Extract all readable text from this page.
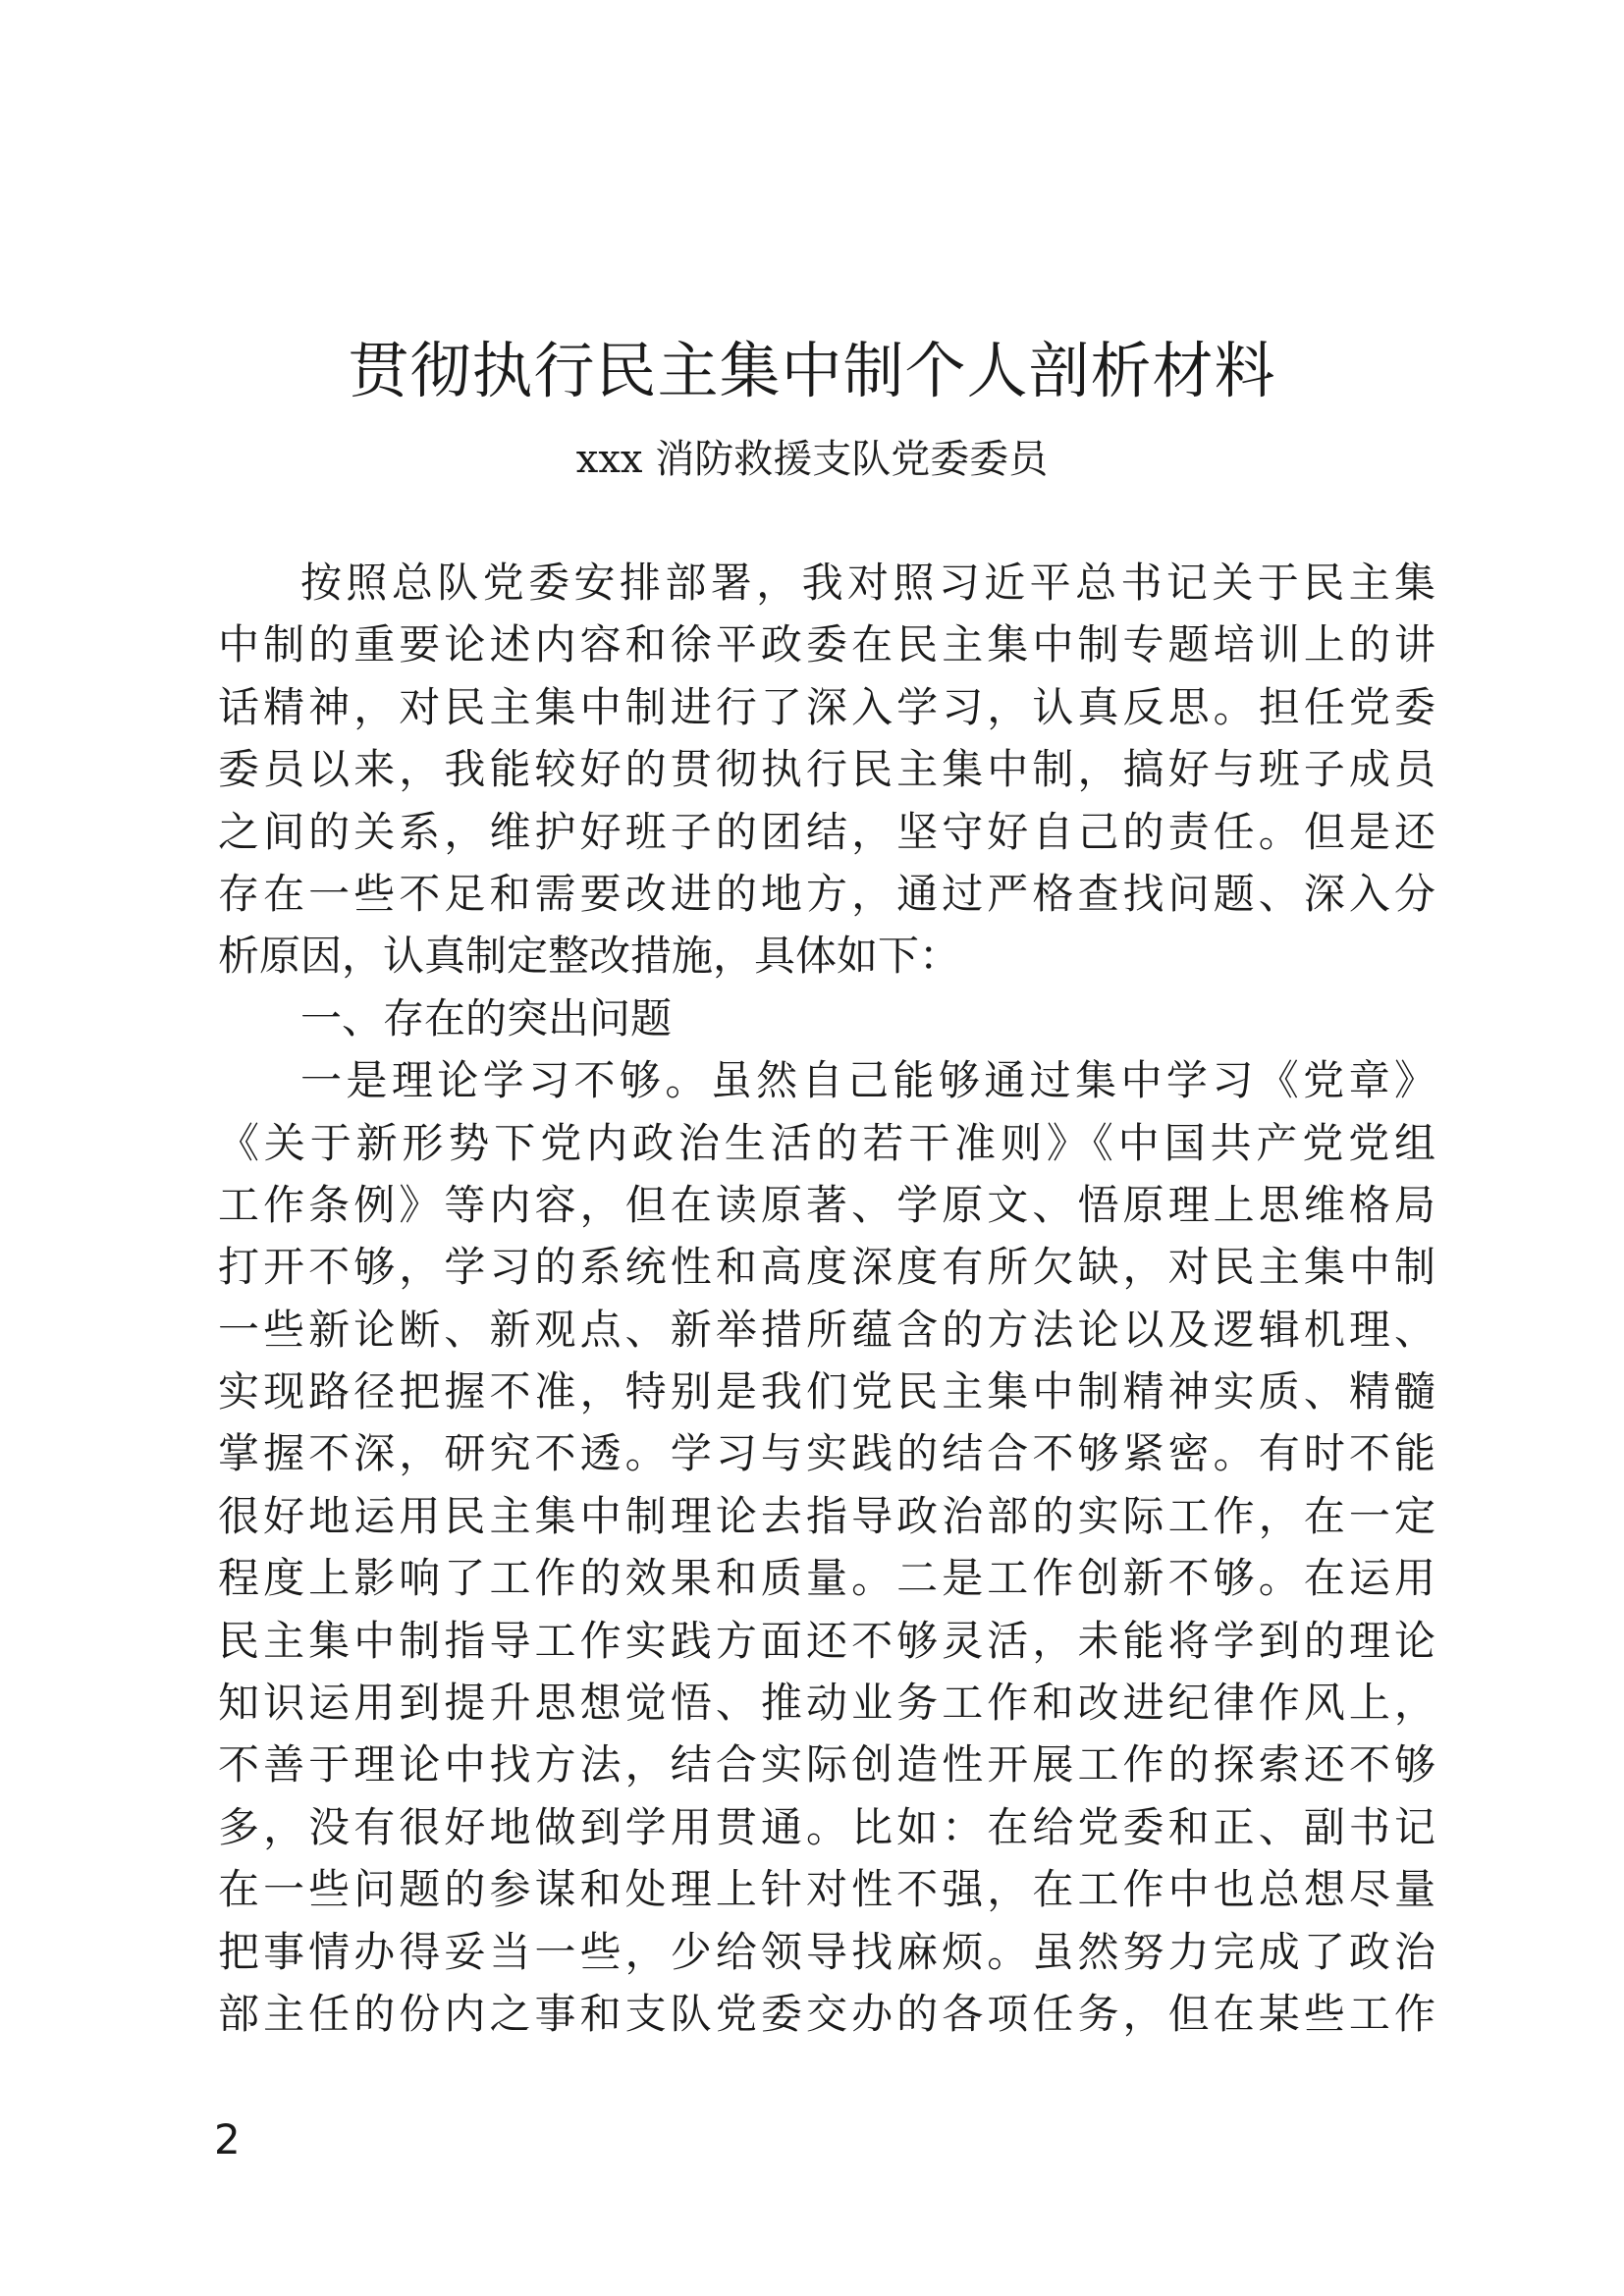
贯彻执行民主集中制个人剖析材料
xxx 消防救援支队党委委员
按照总队党委安排部署，我对照习近平总书记关于民主集
中制的重要论述内容和徐平政委在民主集中制专题培训上的讲
话精神，对民主集中制进行了深入学习，认真反思。担任党委
委员以来，我能较好的贯彻执行民主集中制，搞好与班子成员
之间的关系，维护好班子的团结，坚守好自己的责任。但是还
存在一些不足和需要改进的地方，通过严格查找问题、深入分
析原因，认真制定整改措施，具体如下：
一、存在的突出问题
一是理论学习不够。虽然自己能够通过集中学习《党章》
《关于新形势下党内政治生活的若干准则》《中国共产党党组
工作条例》等内容，但在读原著、学原文、悟原理上思维格局
打开不够，学习的系统性和高度深度有所欠缺，对民主集中制
一些新论断、新观点、新举措所蕴含的方法论以及逻辑机理、
实现路径把握不准，特别是我们党民主集中制精神实质、精髓
掌握不深，研究不透。学习与实践的结合不够紧密。有时不能
很好地运用民主集中制理论去指导政治部的实际工作，在一定
程度上影响了工作的效果和质量。二是工作创新不够。在运用
民主集中制指导工作实践方面还不够灵活，未能将学到的理论
知识运用到提升思想觉悟、推动业务工作和改进纪律作风上，
不善于理论中找方法，结合实际创造性开展工作的探索还不够
多，没有很好地做到学用贯通。比如：在给党委和正、副书记
在一些问题的参谋和处理上针对性不强，在工作中也总想尽量
把事情办得妥当一些，少给领导找麻烦。虽然努力完成了政治
部主任的份内之事和支队党委交办的各项任务，但在某些工作
2
